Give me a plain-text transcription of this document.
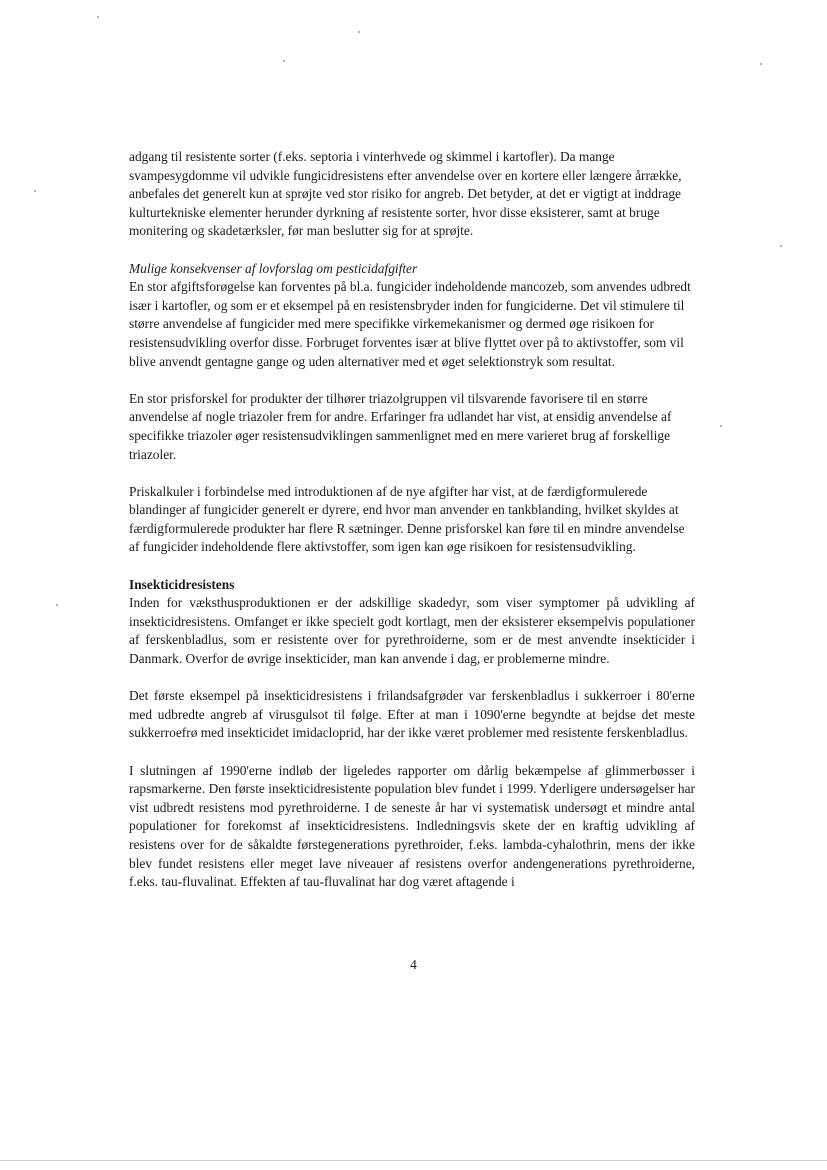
adgang til resistente sorter (f.eks. septoria i vinterhvede og skimmel i kartofler). Da mange svampesygdomme vil udvikle fungicidresistens efter anvendelse over en kortere eller længere årrække, anbefales det generelt kun at sprøjte ved stor risiko for angreb. Det betyder, at det er vigtigt at inddrage kulturtekniske elementer herunder dyrkning af resistente sorter, hvor disse eksisterer, samt at bruge monitering og skadetærksler, før man beslutter sig for at sprøjte.

Mulige konsekvenser af lovforslag om pesticidafgifter

En stor afgiftsforøgelse kan forventes på bl.a. fungicider indeholdende mancozeb, som anvendes udbredt især i kartofler, og som er et eksempel på en resistensbryder inden for fungiciderne. Det vil stimulere til større anvendelse af fungicider med mere specifikke virkemekanismer og dermed øge risikoen for resistensudvikling overfor disse. Forbruget forventes især at blive flyttet over på to aktivstoffer, som vil blive anvendt gentagne gange og uden alternativer med et øget selektionstryk som resultat.

En stor prisforskel for produkter der tilhører triazolgruppen vil tilsvarende favorisere til en større anvendelse af nogle triazoler frem for andre. Erfaringer fra udlandet har vist, at ensidig anvendelse af specifikke triazoler øger resistensudviklingen sammenlignet med en mere varieret brug af forskellige triazoler.

Priskalkuler i forbindelse med introduktionen af de nye afgifter har vist, at de færdigformulerede blandinger af fungicider generelt er dyrere, end hvor man anvender en tankblanding, hvilket skyldes at færdigformulerede produkter har flere R sætninger. Denne prisforskel kan føre til en mindre anvendelse af fungicider indeholdende flere aktivstoffer, som igen kan øge risikoen for resistensudvikling.

Insekticidresistens

Inden for væksthusproduktionen er der adskillige skadedyr, som viser symptomer på udvikling af insekticidresistens. Omfanget er ikke specielt godt kortlagt, men der eksisterer eksempelvis populationer af ferskenbladlus, som er resistente over for pyrethroiderne, som er de mest anvendte insekticider i Danmark. Overfor de øvrige insekticider, man kan anvende i dag, er problemerne mindre.

Det første eksempel på insekticidresistens i frilandsafgrøder var ferskenbladlus i sukkerroer i 80'erne med udbredte angreb af virusgulsot til følge. Efter at man i 1090'erne begyndte at bejdse det meste sukkerroefrø med insekticidet imidacloprid, har der ikke været problemer med resistente ferskenbladlus.

I slutningen af 1990'erne indløb der ligeledes rapporter om dårlig bekæmpelse af glimmerbøsser i rapsmarkerne. Den første insekticidresistente population blev fundet i 1999. Yderligere undersøgelser har vist udbredt resistens mod pyrethroiderne. I de seneste år har vi systematisk undersøgt et mindre antal populationer for forekomst af insekticidresistens. Indledningsvis skete der en kraftig udvikling af resistens over for de såkaldte førstegenerations pyrethroider, f.eks. lambda-cyhalothrin, mens der ikke blev fundet resistens eller meget lave niveauer af resistens overfor andengenerations pyrethroiderne, f.eks. tau-fluvalinat. Effekten af tau-fluvalinat har dog været aftagende i

4
